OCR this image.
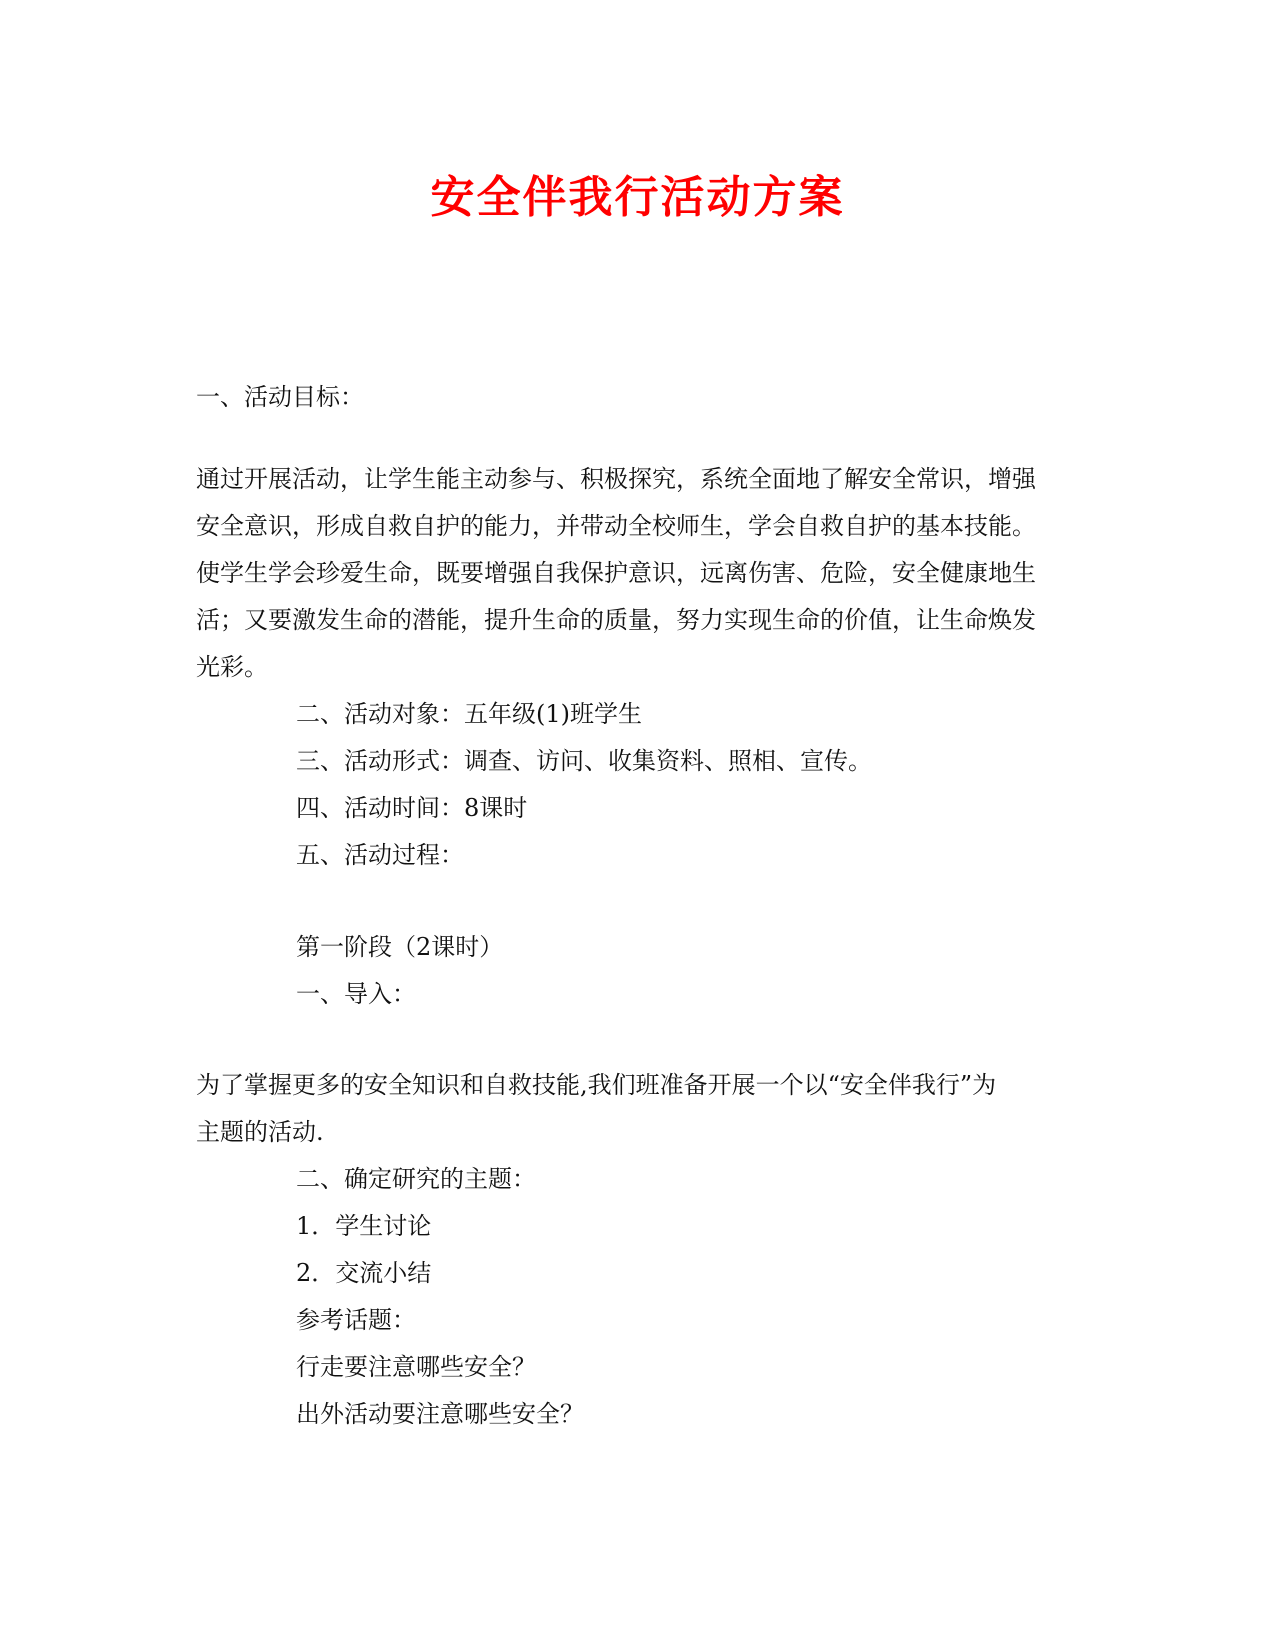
安全伴我行活动方案
一、活动目标：
通过开展活动，让学生能主动参与、积极探究，系统全面地了解安全常识，增强
安全意识，形成自救自护的能力，并带动全校师生，学会自救自护的基本技能。
使学生学会珍爱生命，既要增强自我保护意识，远离伤害、危险，安全健康地生
活；又要激发生命的潜能，提升生命的质量，努力实现生命的价值，让生命焕发
光彩。
二、活动对象：五年级(1)班学生
三、活动形式：调查、访问、收集资料、照相、宣传。
四、活动时间：8课时
五、活动过程：
第一阶段（2课时）
一、导入：
为了掌握更多的安全知识和自救技能,我们班准备开展一个以“安全伴我行”为
主题的活动.
二、确定研究的主题：
1．学生讨论
2．交流小结
参考话题：
行走要注意哪些安全？
出外活动要注意哪些安全？
